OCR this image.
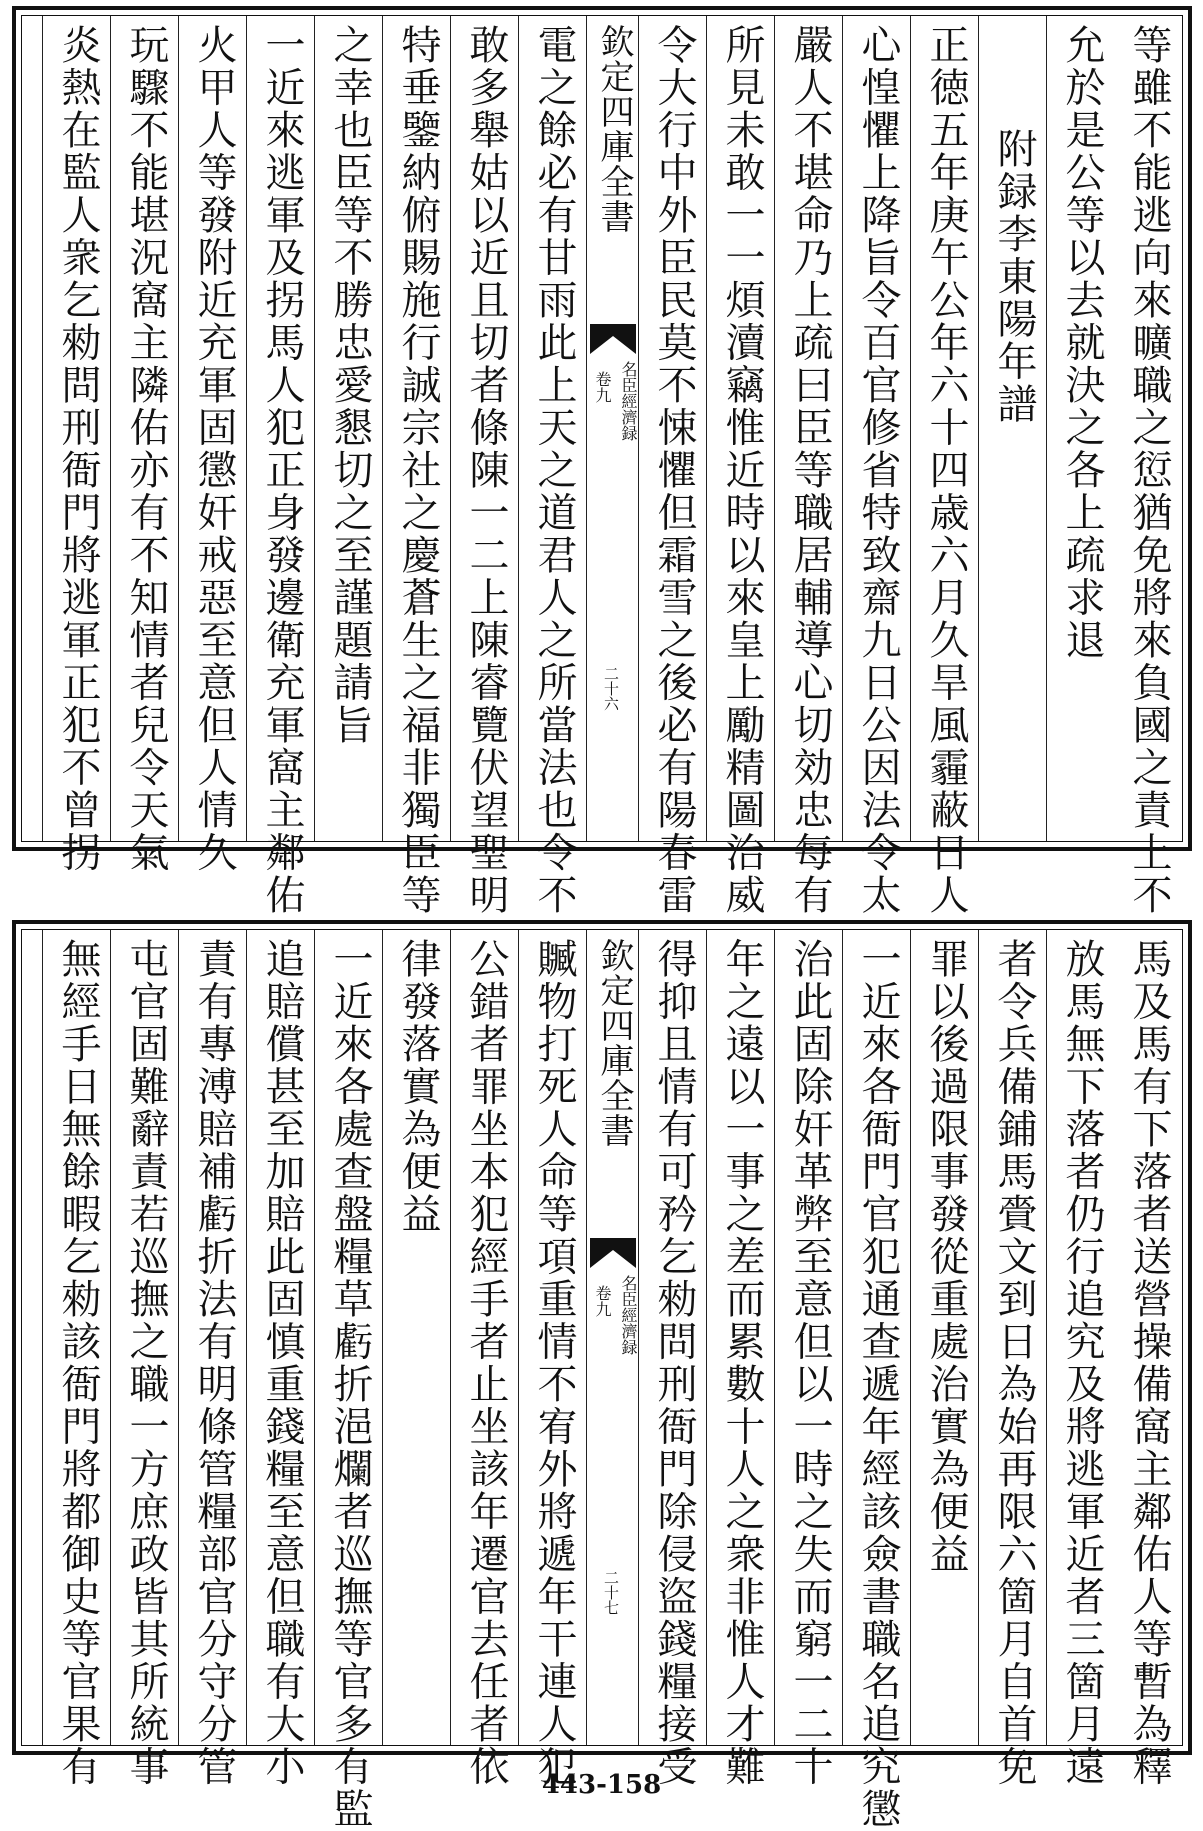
等雖不能逃向來曠職之愆猶免將來負國之責上不
允於是公等以去就決之各上疏求退
附録李東陽年譜
正徳五年庚午公年六十四歳六月久旱風霾蔽日人
心惶懼上降旨令百官修省特致齋九日公因法令太
嚴人不堪命乃上疏曰臣等職居輔導心切効忠每有
所見未敢一一煩瀆竊惟近時以來皇上勵精圖治威
令大行中外臣民莫不悚懼但霜雪之後必有陽春雷
欽定四庫全書
名臣經濟録
卷九
二十六
電之餘必有甘雨此上天之道君人之所當法也令不
敢多舉姑以近且切者條陳一二上陳睿覽伏望聖明
特垂鑒納俯賜施行誠宗社之慶蒼生之福非獨臣等
之幸也臣等不勝忠愛懇切之至謹題請旨
一近來逃軍及拐馬人犯正身發邊衛充軍窩主鄰佑
火甲人等發附近充軍固懲奸戒惡至意但人情久
玩驟不能堪況窩主隣佑亦有不知情者兒令天氣
炎熱在監人衆乞勑問刑衙門將逃軍正犯不曾拐
馬及馬有下落者送營操備窩主鄰佑人等暫為釋
放馬無下落者仍行追究及將逃軍近者三箇月遠
者令兵備鋪馬賫文到日為始再限六箇月自首免
罪以後過限事發從重處治實為便益
一近來各衙門官犯通查遞年經該僉書職名追究懲
治此固除奸革弊至意但以一時之失而窮一二十
年之遠以一事之差而累數十人之衆非惟人才難
得抑且情有可矜乞勑問刑衙門除侵盜錢糧接受
欽定四庫全書
名臣經濟録
卷九
二十七
贓物打死人命等項重情不宥外將遞年干連人犯
公錯者罪坐本犯經手者止坐該年遷官去任者依
律發落實為便益
一近來各處查盤糧草虧折浥爛者巡撫等官多有監
追賠償甚至加賠此固慎重錢糧至意但職有大小
責有專溥賠補虧折法有明條管糧部官分守分管
屯官固難辭責若巡撫之職一方庶政皆其所統事
無經手日無餘暇乞勑該衙門將都御史等官果有	443-158
